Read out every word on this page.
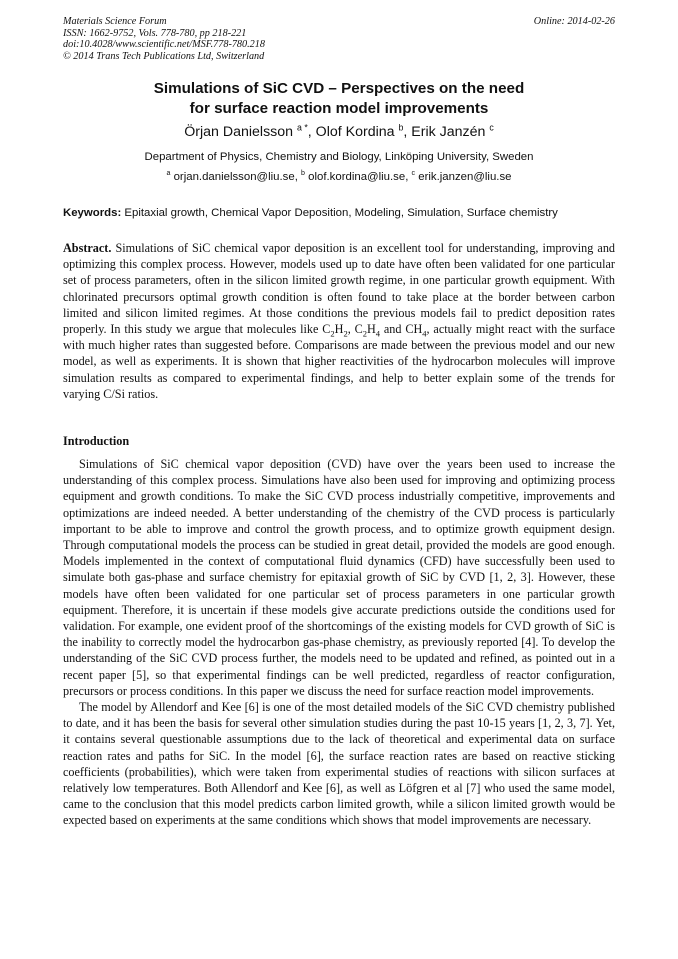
Materials Science Forum
ISSN: 1662-9752, Vols. 778-780, pp 218-221
doi:10.4028/www.scientific.net/MSF.778-780.218
© 2014 Trans Tech Publications Ltd, Switzerland
Online: 2014-02-26
Simulations of SiC CVD – Perspectives on the need
for surface reaction model improvements
Örjan Danielsson $^{a *}$, Olof Kordina $^b$, Erik Janzén $^c$
Department of Physics, Chemistry and Biology, Linköping University, Sweden
$^a$ orjan.danielsson@liu.se, $^b$ olof.kordina@liu.se, $^c$ erik.janzen@liu.se
Keywords: Epitaxial growth, Chemical Vapor Deposition, Modeling, Simulation, Surface chemistry

Abstract. Simulations of SiC chemical vapor deposition is an excellent tool for understanding, improving and optimizing this complex process. However, models used up to date have often been validated for one particular set of process parameters, often in the silicon limited growth regime, in one particular growth equipment. With chlorinated precursors optimal growth condition is often found to take place at the border between carbon limited and silicon limited regimes. At those conditions the previous models fail to predict deposition rates properly. In this study we argue that molecules like $C_2H_2$, $C_2H_4$ and $CH_4$, actually might react with the surface with much higher rates than suggested before. Comparisons are made between the previous model and our new model, as well as experiments. It is shown that higher reactivities of the hydrocarbon molecules will improve simulation results as compared to experimental findings, and help to better explain some of the trends for varying C/Si ratios.

Introduction

Simulations of SiC chemical vapor deposition (CVD) have over the years been used to increase the understanding of this complex process. Simulations have also been used for improving and optimizing process equipment and growth conditions. To make the SiC CVD process industrially competitive, improvements and optimizations are indeed needed. A better understanding of the chemistry of the CVD process is particularly important to be able to improve and control the growth process, and to optimize growth equipment design. Through computational models the process can be studied in great detail, provided the models are good enough. Models implemented in the context of computational fluid dynamics (CFD) have successfully been used to simulate both gas-phase and surface chemistry for epitaxial growth of SiC by CVD [1, 2, 3]. However, these models have often been validated for one particular set of process parameters in one particular growth equipment. Therefore, it is uncertain if these models give accurate predictions outside the conditions used for validation. For example, one evident proof of the shortcomings of the existing models for CVD growth of SiC is the inability to correctly model the hydrocarbon gas-phase chemistry, as previously reported [4]. To develop the understanding of the SiC CVD process further, the models need to be updated and refined, as pointed out in a recent paper [5], so that experimental findings can be well predicted, regardless of reactor configuration, precursors or process conditions. In this paper we discuss the need for surface reaction model improvements.

The model by Allendorf and Kee [6] is one of the most detailed models of the SiC CVD chemistry published to date, and it has been the basis for several other simulation studies during the past 10-15 years [1, 2, 3, 7]. Yet, it contains several questionable assumptions due to the lack of theoretical and experimental data on surface reaction rates and paths for SiC. In the model [6], the surface reaction rates are based on reactive sticking coefficients (probabilities), which were taken from experimental studies of reactions with silicon surfaces at relatively low temperatures. Both Allendorf and Kee [6], as well as Löfgren et al [7] who used the same model, came to the conclusion that this model predicts carbon limited growth, while a silicon limited growth would be expected based on experiments at the same conditions which shows that model improvements are necessary.
